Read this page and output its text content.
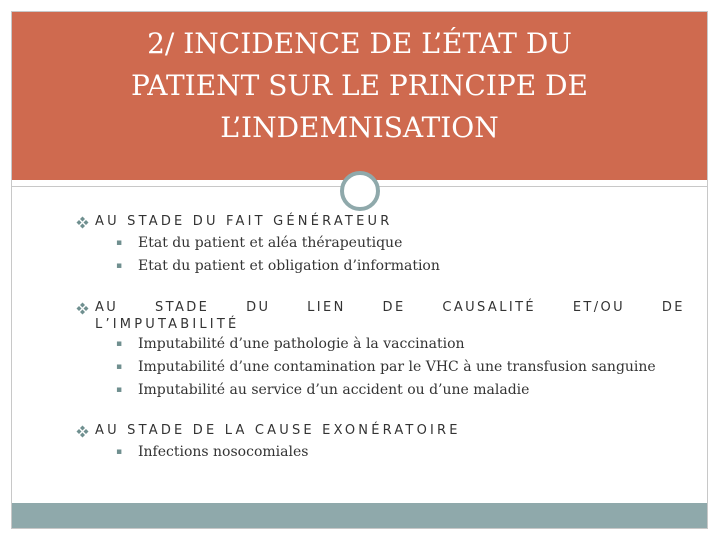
2/ INCIDENCE DE L’ÉTAT DU
PATIENT SUR LE PRINCIPE DE
L’INDEMNISATION
AU STADE DU FAIT GÉNÉRATEUR
▪ Etat du patient et aléa thérapeutique
▪ Etat du patient et obligation d’information
AU	STADE	DU	LIEN	DE	CAUSALITÉ	ET/OU	DE
L’IMPUTABILITÉ
▪ Imputabilité d’une pathologie à la vaccination
▪ Imputabilité d’une contamination par le VHC à une transfusion sanguine
▪ Imputabilité au service d’un accident ou d’une maladie
AU STADE DE LA CAUSE EXONÉRATOIRE
▪ Infections nosocomiales
